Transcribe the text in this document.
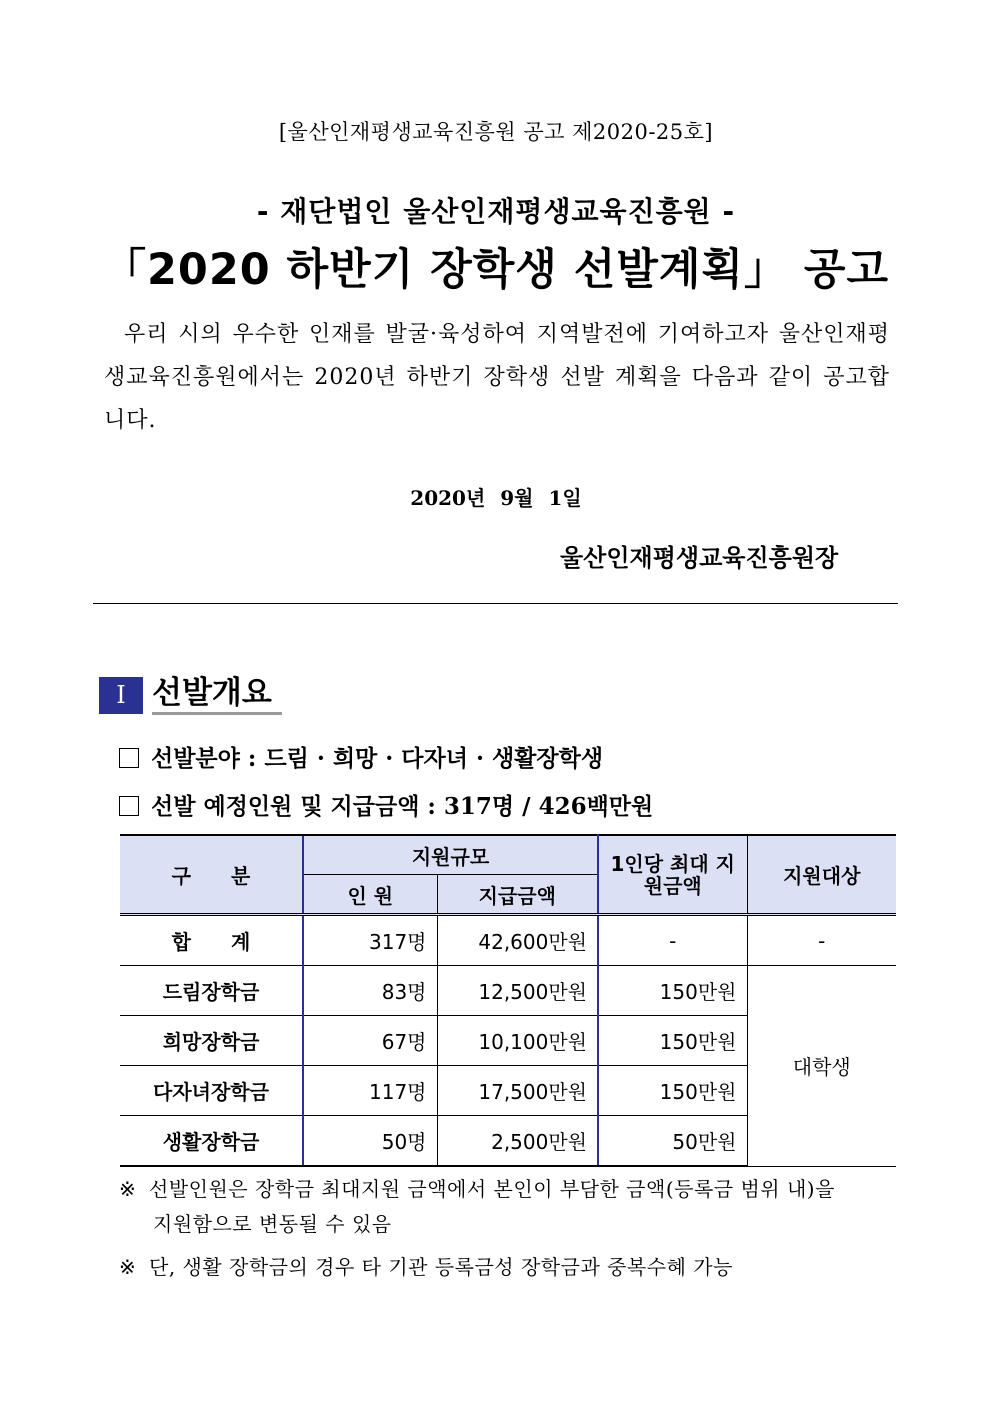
[울산인재평생교육진흥원 공고 제2020-25호]
- 재단법인 울산인재평생교육진흥원 -
「2020 하반기 장학생 선발계획」 공고
우리 시의 우수한 인재를 발굴·육성하여 지역발전에 기여하고자 울산인재평생교육진흥원에서는 2020년 하반기 장학생 선발 계획을 다음과 같이 공고합니다.
2020년 9월 1일
울산인재평생교육진흥원장
Ⅰ 선발개요
선발분야 : 드림 · 희망 · 다자녀 · 생활장학생
선발 예정인원 및 지급금액 : 317명 / 426백만원
구　　분	지원규모		1인당 최대 지원금액	지원대상
	인 원	지급금액		
합　　계	317명	42,600만원	-	-
드림장학금	83명	12,500만원	150만원	대학생
희망장학금	67명	10,100만원	150만원	
다자녀장학금	117명	17,500만원	150만원	
생활장학금	50명	2,500만원	50만원	
※ 선발인원은 장학금 최대지원 금액에서 본인이 부담한 금액(등록금 범위 내)을
지원함으로 변동될 수 있음
※ 단, 생활 장학금의 경우 타 기관 등록금성 장학금과 중복수혜 가능
